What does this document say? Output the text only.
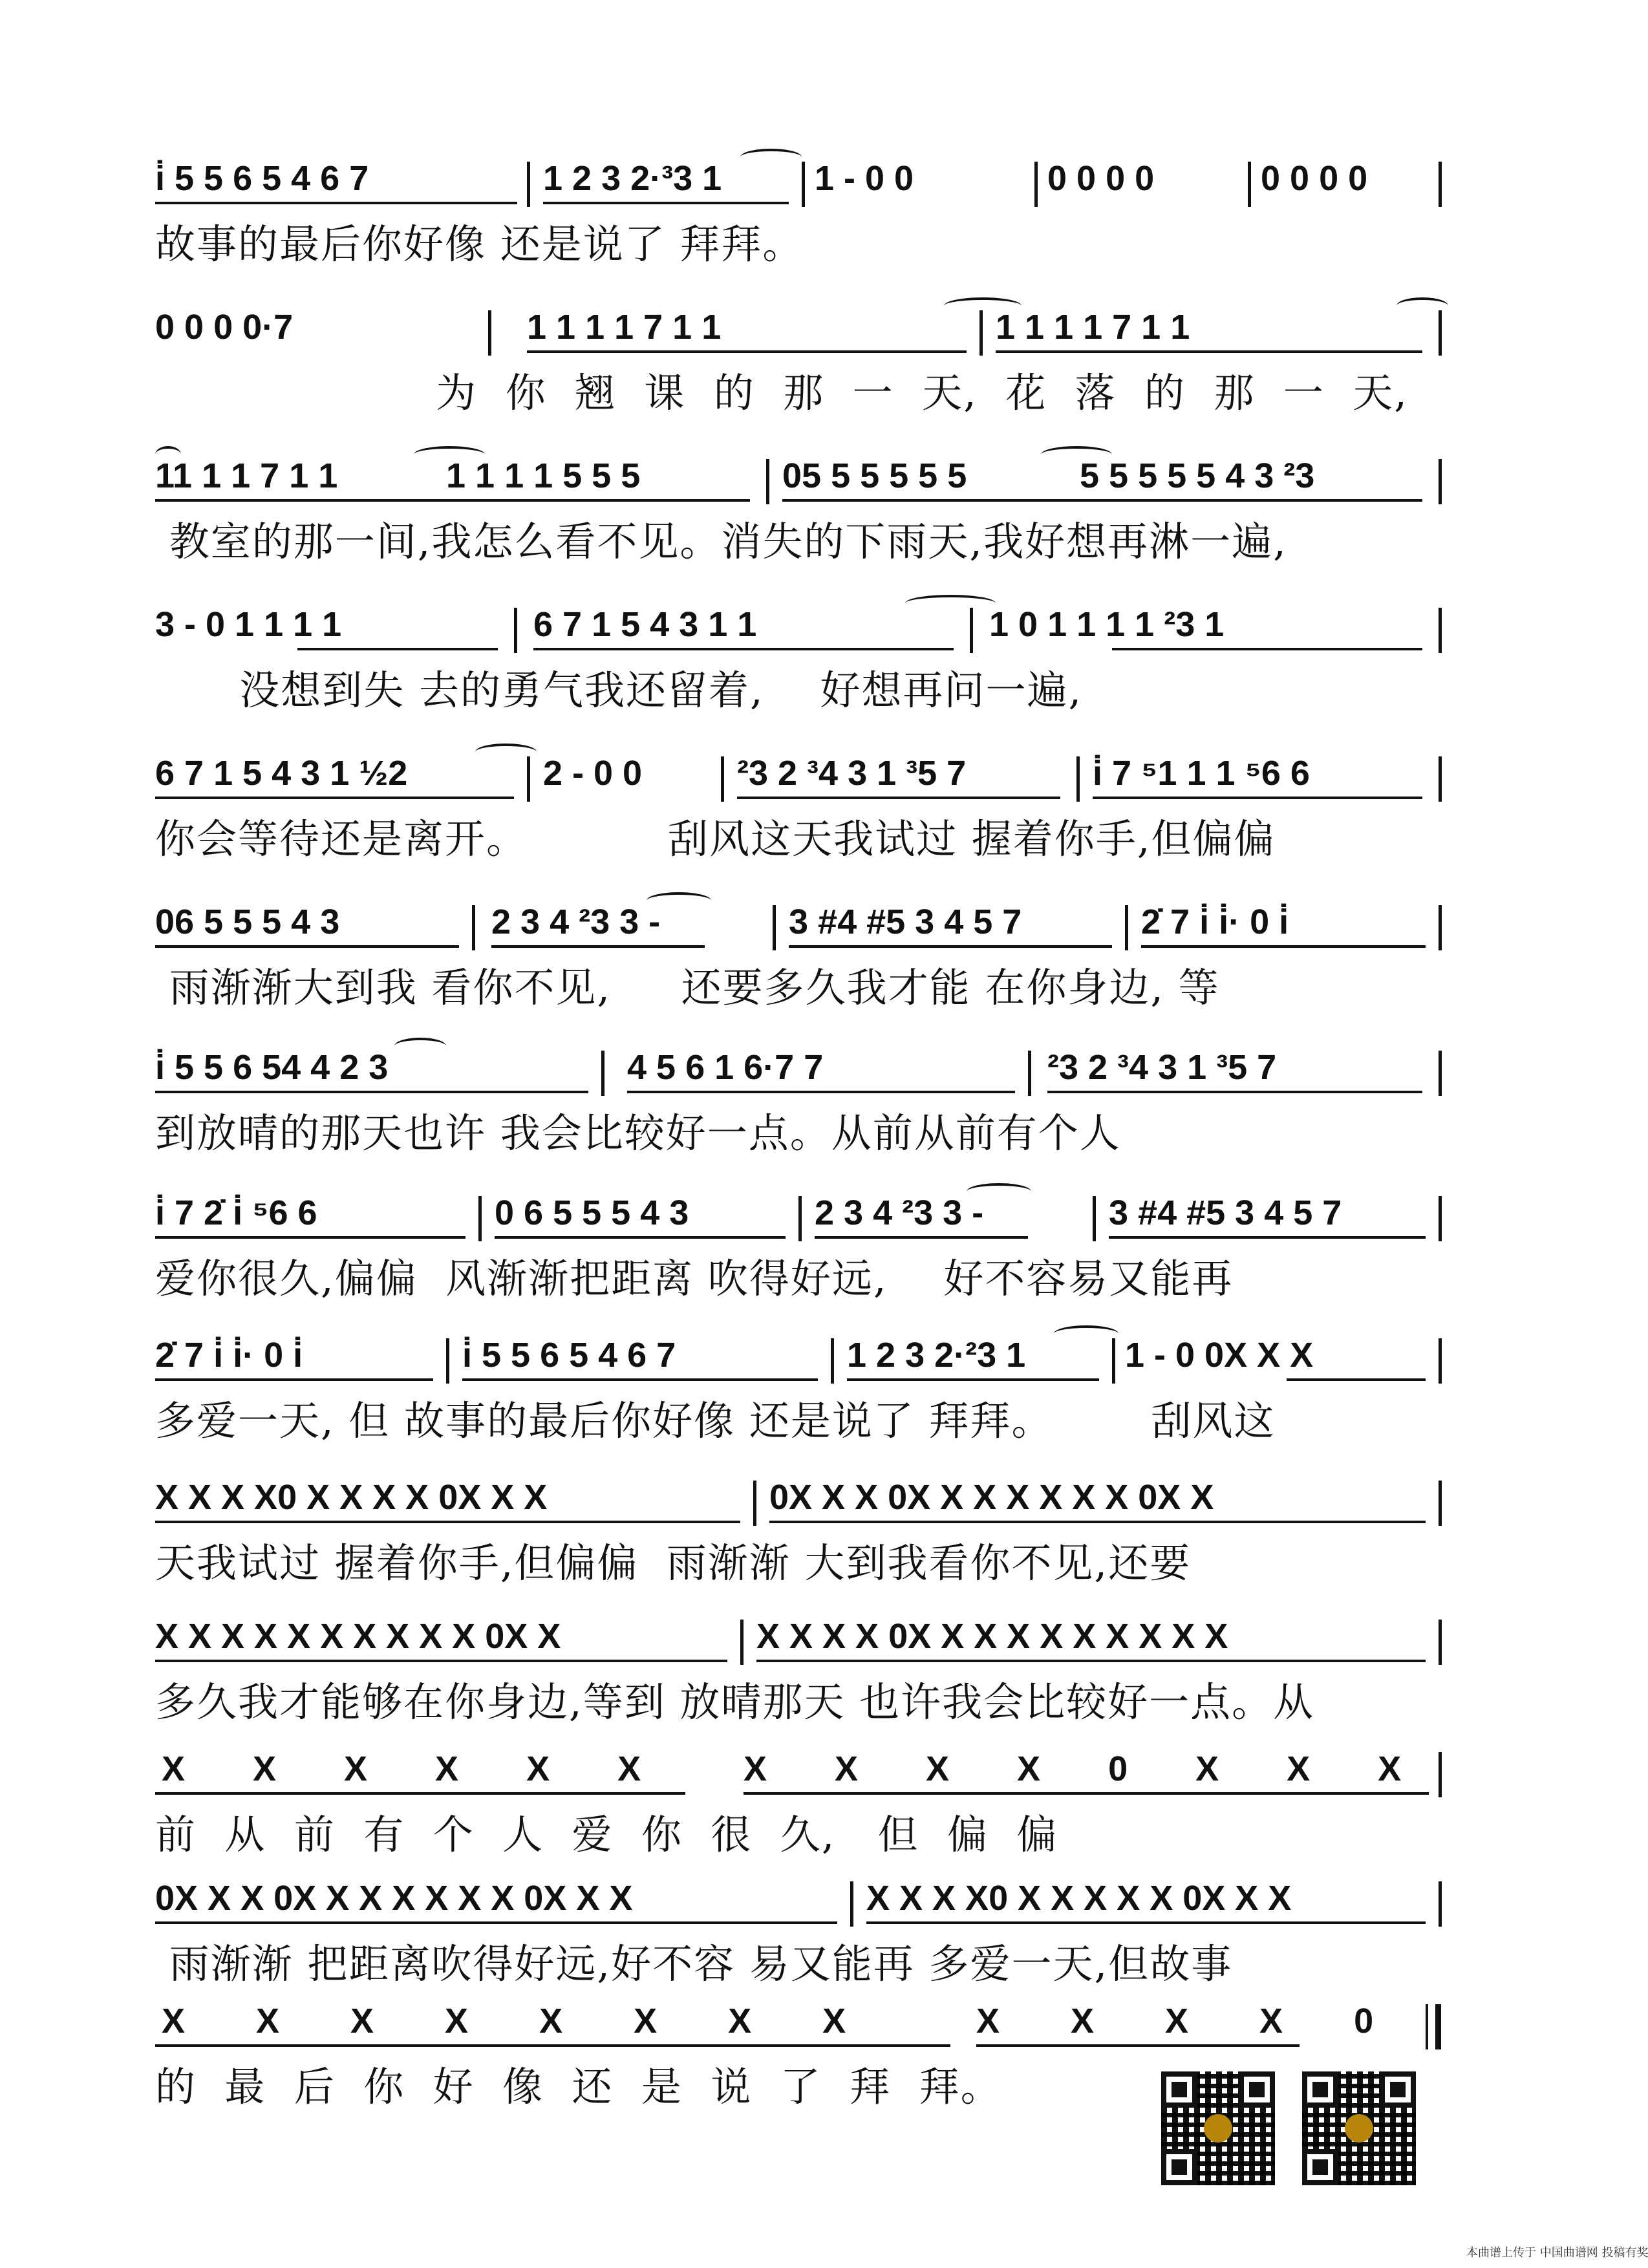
i̇ 5 5 6 5 4 6 7	1 2 3 2·³3 1	1 - 0 0	0 0 0 0	0 0 0 0
故事的最后你好像 还是说了 拜拜。
0 0 0 0·7	1 1 1 1 7 1 1	1 1 1 1 7 1 1
为  你  翘  课  的  那  一  天,  花  落  的  那  一  天,
11 1 1 7 1 1	1 1 1 1 5 5 5	05 5 5 5 5 5	5 5 5 5 5 4 3 ²3
教室的那一间,我怎么看不见。消失的下雨天,我好想再淋一遍,
3 - 0 1 1 1 1	6 7 1 5 4 3 1 1	1 0 1 1 1 1 ²3 1
没想到失 去的勇气我还留着,    好想再问一遍,
6 7 1 5 4 3 1 ½2	2 - 0 0	²3 2 ³4 3 1 ³5 7	i̇ 7 ⁵1 1 1 ⁵6 6
你会等待还是离开。          刮风这天我试过 握着你手,但偏偏
06 5 5 5 4 3	2 3 4 ²3 3 -	3 #4 #5 3 4 5 7	2̇ 7 i̇ i̇· 0 i̇
雨渐渐大到我 看你不见,     还要多久我才能 在你身边, 等
i̇ 5 5 6 54 4 2 3	4 5 6 1 6·7 7	²3 2 ³4 3 1 ³5 7
到放晴的那天也许 我会比较好一点。从前从前有个人
i̇ 7 2̇ i̇ ⁵6 6	0 6 5 5 5 4 3	2 3 4 ²3 3 -	3 #4 #5 3 4 5 7
爱你很久,偏偏  风渐渐把距离 吹得好远,    好不容易又能再
2̇ 7 i̇ i̇· 0 i̇	i̇ 5 5 6 5 4 6 7	1 2 3 2·²3 1	1 - 0 0X X X
多爱一天, 但 故事的最后你好像 还是说了 拜拜。       刮风这
X X X X0 X X X X 0X X X	0X X X 0X X X X X X X 0X X
天我试过 握着你手,但偏偏  雨渐渐 大到我看你不见,还要
X X X X X X X X X X 0X X	X X X X 0X X X X X X X X X X
多久我才能够在你身边,等到 放晴那天 也许我会比较好一点。从
X X X X X X	X X X X 0 X X X
前  从  前  有  个  人  爱  你  很  久,   但  偏  偏
0X X X 0X X X X X X X 0X X X	X X X X0 X X X X X 0X X X
雨渐渐 把距离吹得好远,好不容 易又能再 多爱一天,但故事
X X X X X X X X	X X X X 0
的  最  后  你  好  像  还  是  说  了  拜  拜。
本曲谱上传于 中国曲谱网 投稿有奖
